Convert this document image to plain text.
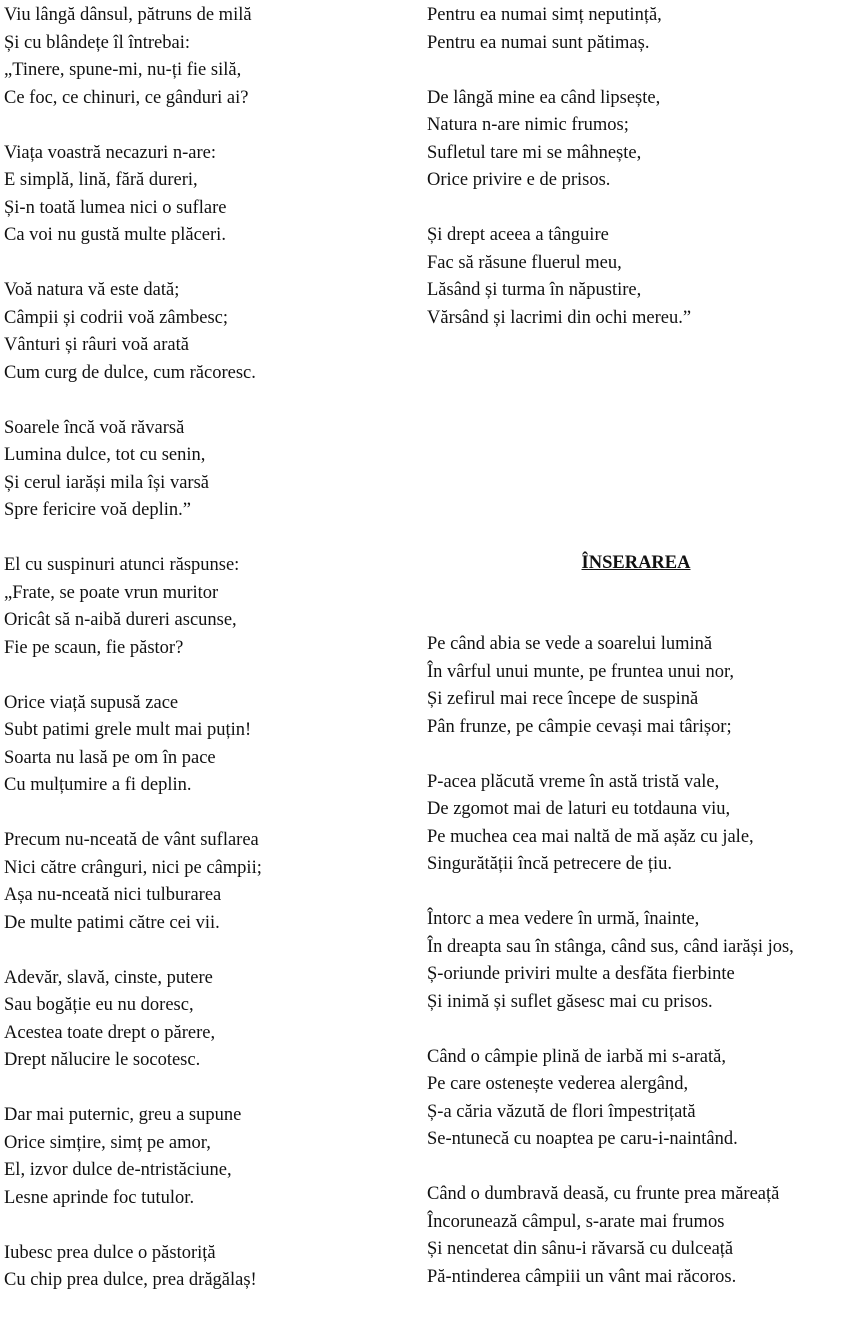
Viu lângă dânsul, pătruns de milă
Și cu blândețe îl întrebai:
„Tinere, spune-mi, nu-ți fie silă,
Ce foc, ce chinuri, ce gânduri ai?
Viața voastră necazuri n-are:
E simplă, lină, fără dureri,
Și-n toată lumea nici o suflare
Ca voi nu gustă multe plăceri.
Voă natura vă este dată;
Câmpii și codrii voă zâmbesc;
Vânturi și râuri voă arată
Cum curg de dulce, cum răcoresc.
Soarele încă voă răvarsă
Lumina dulce, tot cu senin,
Și cerul iarăși mila își varsă
Spre fericire voă deplin.”
El cu suspinuri atunci răspunse:
„Frate, se poate vrun muritor
Oricât să n-aibă dureri ascunse,
Fie pe scaun, fie păstor?
Orice viață supusă zace
Subt patimi grele mult mai puțin!
Soarta nu lasă pe om în pace
Cu mulțumire a fi deplin.
Precum nu-nceată de vânt suflarea
Nici către crânguri, nici pe câmpii;
Așa nu-nceată nici tulburarea
De multe patimi către cei vii.
Adevăr, slavă, cinste, putere
Sau bogăție eu nu doresc,
Acestea toate drept o părere,
Drept nălucire le socotesc.
Dar mai puternic, greu a supune
Orice simțire, simț pe amor,
El, izvor dulce de-ntristăciune,
Lesne aprinde foc tutulor.
Iubesc prea dulce o păstoriță
Cu chip prea dulce, prea drăgălaș!
Pentru ea numai simț neputință,
Pentru ea numai sunt pătimaș.
De lângă mine ea când lipsește,
Natura n-are nimic frumos;
Sufletul tare mi se mâhnește,
Orice privire e de prisos.
Și drept aceea a tânguire
Fac să răsune fluerul meu,
Lăsând și turma în năpustire,
Vărsând și lacrimi din ochi mereu.”
ÎNSERAREA
Pe când abia se vede a soarelui lumină
În vârful unui munte, pe fruntea unui nor,
Și zefirul mai rece începe de suspină
Pân frunze, pe câmpie cevași mai târișor;
P-acea plăcută vreme în astă tristă vale,
De zgomot mai de laturi eu totdauna viu,
Pe muchea cea mai naltă de mă așăz cu jale,
Singurătății încă petrecere de țiu.
Întorc a mea vedere în urmă, înainte,
În dreapta sau în stânga, când sus, când iarăși jos,
Ș-oriunde priviri multe a desfăta fierbinte
Și inimă și suflet găsesc mai cu prisos.
Când o câmpie plină de iarbă mi s-arată,
Pe care ostenește vederea alergând,
Ș-a căria văzută de flori împestrițată
Se-ntunecă cu noaptea pe caru-i-naintând.
Când o dumbravă deasă, cu frunte prea măreață
Încorunează câmpul, s-arate mai frumos
Și nencetat din sânu-i răvarsă cu dulceață
Pă-ntinderea câmpiii un vânt mai răcoros.
